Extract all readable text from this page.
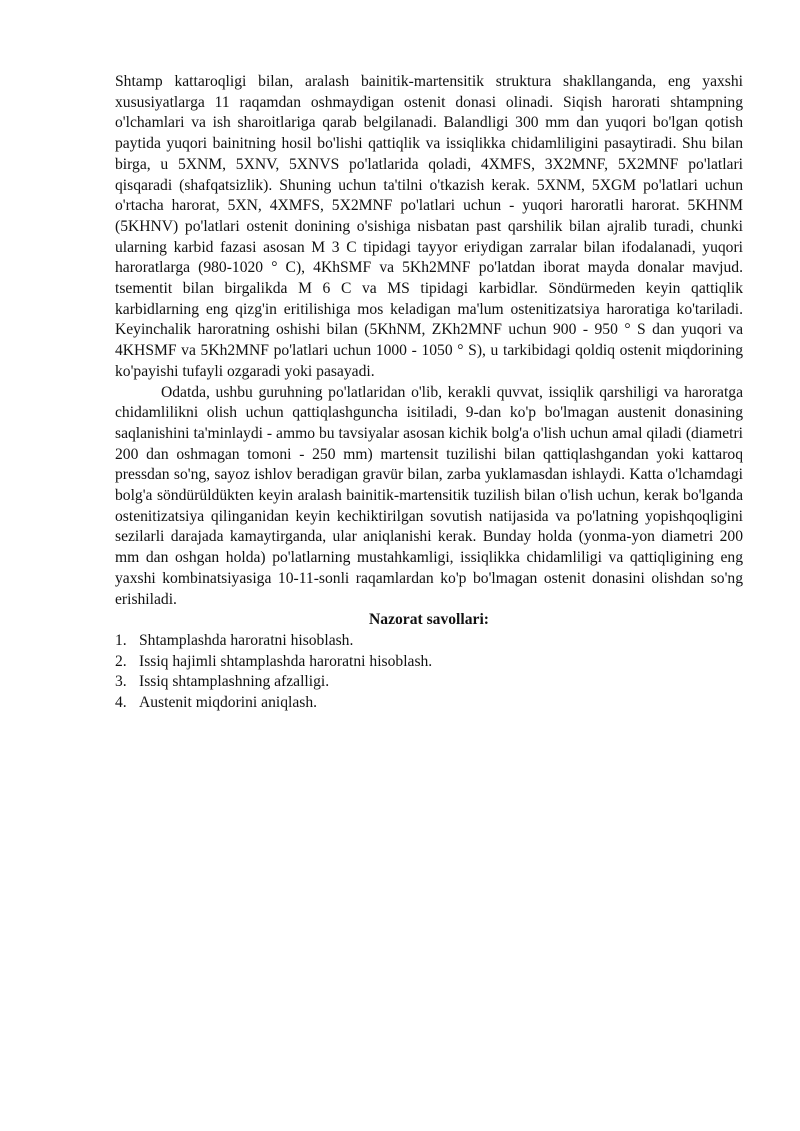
Shtamp kattaroqligi bilan, aralash bainitik-martensitik struktura shakllanganda, eng yaxshi xususiyatlarga 11 raqamdan oshmaydigan ostenit donasi olinadi. Siqish harorati shtampning o'lchamlari va ish sharoitlariga qarab belgilanadi. Balandligi 300 mm dan yuqori bo'lgan qotish paytida yuqori bainitning hosil bo'lishi qattiqlik va issiqlikka chidamliligini pasaytiradi. Shu bilan birga, u 5XNM, 5XNV, 5XNVS po'latlarida qoladi, 4XMFS, 3X2MNF, 5X2MNF po'latlari qisqaradi (shafqatsizlik). Shuning uchun ta'tilni o'tkazish kerak. 5XNM, 5XGM po'latlari uchun o'rtacha harorat, 5XN, 4XMFS, 5X2MNF po'latlari uchun - yuqori haroratli harorat. 5KHNM (5KHNV) po'latlari ostenit donining o'sishiga nisbatan past qarshilik bilan ajralib turadi, chunki ularning karbid fazasi asosan M 3 C tipidagi tayyor eriydigan zarralar bilan ifodalanadi, yuqori haroratlarga (980-1020 ° C), 4KhSMF va 5Kh2MNF po'latdan iborat mayda donalar mavjud. tsementit bilan birgalikda M 6 C va MS tipidagi karbidlar. Söndürmeden keyin qattiqlik karbidlarning eng qizg'in eritilishiga mos keladigan ma'lum ostenitizatsiya haroratiga ko'tariladi. Keyinchalik haroratning oshishi bilan (5KhNM, ZKh2MNF uchun 900 - 950 ° S dan yuqori va 4KHSMF va 5Kh2MNF po'latlari uchun 1000 - 1050 ° S), u tarkibidagi qoldiq ostenit miqdorining ko'payishi tufayli ozgaradi yoki pasayadi.

Odatda, ushbu guruhning po'latlaridan o'lib, kerakli quvvat, issiqlik qarshiligi va haroratga chidamlilikni olish uchun qattiqlashguncha isitiladi, 9-dan ko'p bo'lmagan austenit donasining saqlanishini ta'minlaydi - ammo bu tavsiyalar asosan kichik bolg'a o'lish uchun amal qiladi (diametri 200 dan oshmagan tomoni - 250 mm) martensit tuzilishi bilan qattiqlashgandan yoki kattaroq pressdan so'ng, sayoz ishlov beradigan gravür bilan, zarba yuklamasdan ishlaydi. Katta o'lchamdagi bolg'a söndürüldükten keyin aralash bainitik-martensitik tuzilish bilan o'lish uchun, kerak bo'lganda ostenitizatsiya qilinganidan keyin kechiktirilgan sovutish natijasida va po'latning yopishqoqligini sezilarli darajada kamaytirganda, ular aniqlanishi kerak. Bunday holda (yonma-yon diametri 200 mm dan oshgan holda) po'latlarning mustahkamligi, issiqlikka chidamliligi va qattiqligining eng yaxshi kombinatsiyasiga 10-11-sonli raqamlardan ko'p bo'lmagan ostenit donasini olishdan so'ng erishiladi.

Nazorat savollari:

1. Shtamplashda haroratni hisoblash.
2. Issiq hajimli shtamplashda haroratni hisoblash.
3. Issiq shtamplashning afzalligi.
4. Austenit miqdorini aniqlash.
